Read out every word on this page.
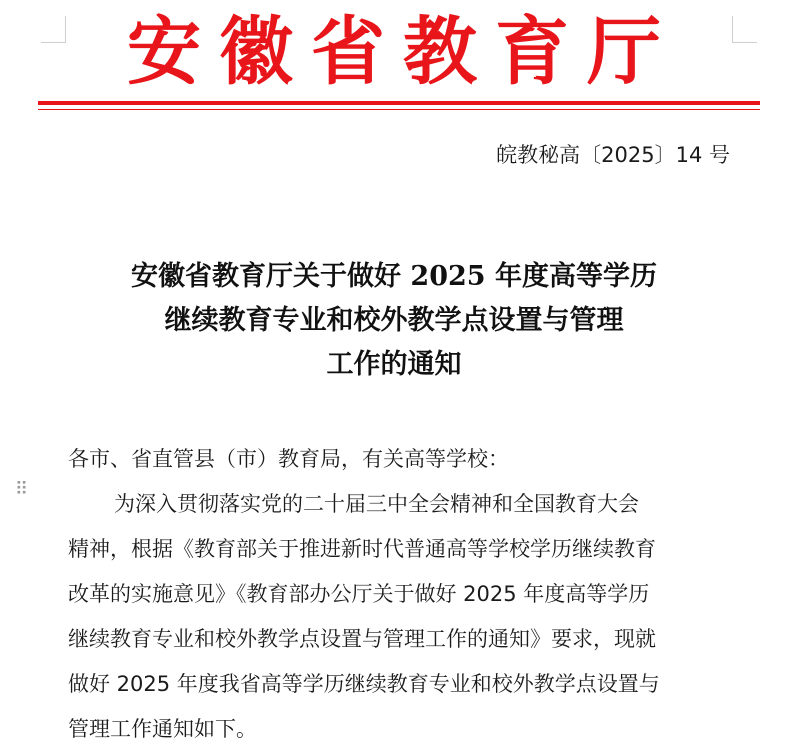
安徽省教育厅
皖教秘高〔2025〕14 号
安徽省教育厅关于做好 2025 年度高等学历
继续教育专业和校外教学点设置与管理
工作的通知
⠿
各市、省直管县（市）教育局，有关高等学校：
为深入贯彻落实党的二十届三中全会精神和全国教育大会
精神，根据《教育部关于推进新时代普通高等学校学历继续教育
改革的实施意见》《教育部办公厅关于做好 2025 年度高等学历
继续教育专业和校外教学点设置与管理工作的通知》要求，现就
做好 2025 年度我省高等学历继续教育专业和校外教学点设置与
管理工作通知如下。
